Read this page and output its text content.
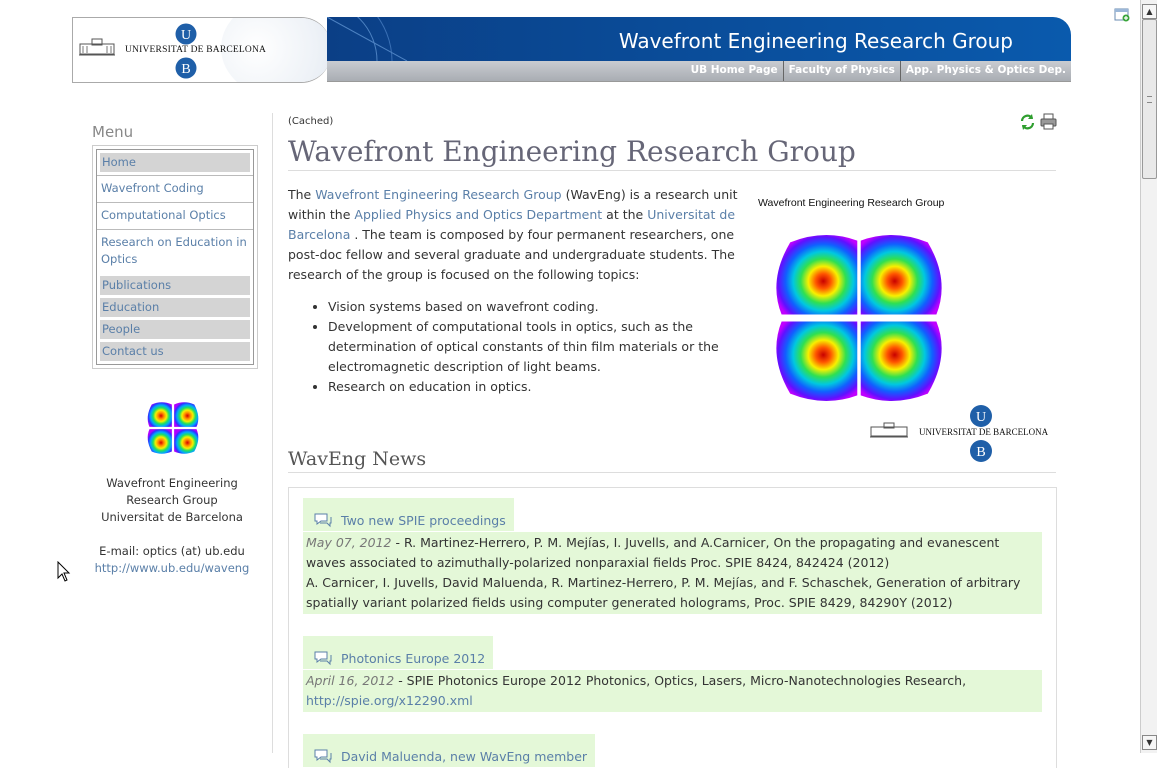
UNIVERSITAT DE BARCELONA
U
B
Wavefront Engineering Research Group
UB Home Page	Faculty of Physics	App. Physics & Optics Dep.
Menu
Home
Wavefront Coding
Computational Optics
Research on Education in Optics
Publications
Education
People
Contact us
Wavefront Engineering
Research Group
Universitat de Barcelona
E-mail: optics (at) ub.edu
http://www.ub.edu/waveng
(Cached)
Wavefront Engineering Research Group
The Wavefront Engineering Research Group (WavEng) is a research unit within the Applied Physics and Optics Department at the Universitat de Barcelona . The team is composed by four permanent researchers, one post-doc fellow and several graduate and undergraduate students. The research of the group is focused on the following topics:
• Vision systems based on wavefront coding.
• Development of computational tools in optics, such as the determination of optical constants of thin film materials or the electromagnetic description of light beams.
• Research on education in optics.
Wavefront Engineering Research Group
U
B
UNIVERSITAT DE BARCELONA
WavEng News
Two new SPIE proceedings
May 07, 2012 - R. Martinez-Herrero, P. M. Mejías, I. Juvells, and A.Carnicer, On the propagating and evanescent waves associated to azimuthally-polarized nonparaxial fields Proc. SPIE 8424, 842424 (2012)
A. Carnicer, I. Juvells, David Maluenda, R. Martinez-Herrero, P. M. Mejías, and F. Schaschek, Generation of arbitrary spatially variant polarized fields using computer generated holograms, Proc. SPIE 8429, 84290Y (2012)
Photonics Europe 2012
April 16, 2012 - SPIE Photonics Europe 2012 Photonics, Optics, Lasers, Micro-Nanotechnologies Research,
http://spie.org/x12290.xml
David Maluenda, new WavEng member
▲
▼
